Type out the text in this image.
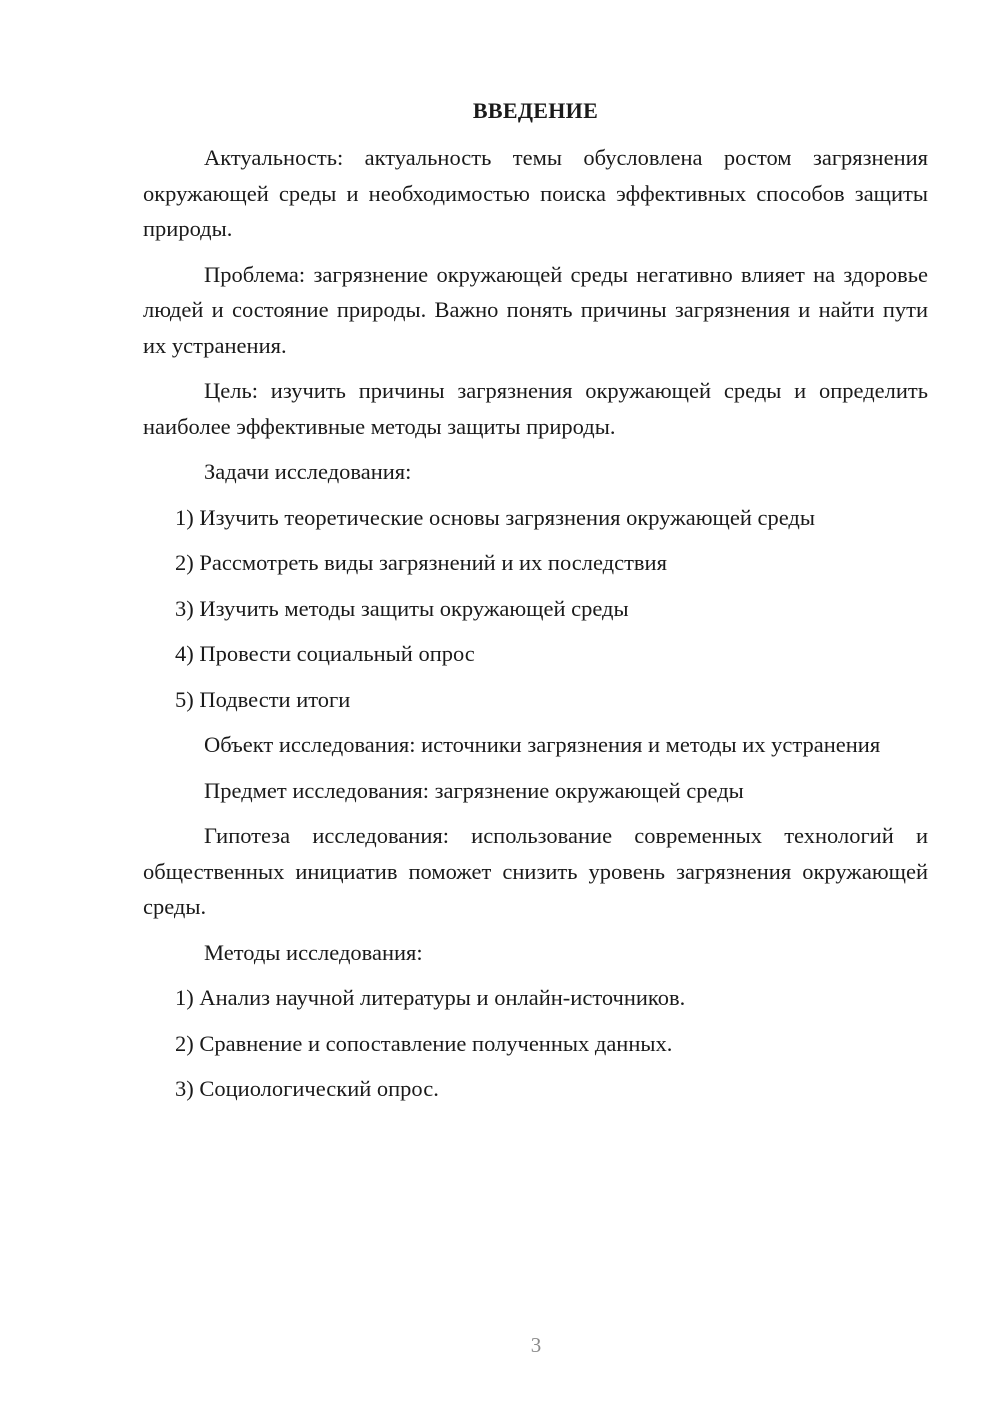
ВВЕДЕНИЕ

Актуальность: актуальность темы обусловлена ростом загрязнения окружающей среды и необходимостью поиска эффективных способов защиты природы.

Проблема: загрязнение окружающей среды негативно влияет на здоровье людей и состояние природы. Важно понять причины загрязнения и найти пути их устранения.

Цель: изучить причины загрязнения окружающей среды и определить наиболее эффективные методы защиты природы.

Задачи исследования:

1) Изучить теоретические основы загрязнения окружающей среды
2) Рассмотреть виды загрязнений и их последствия
3) Изучить методы защиты окружающей среды
4) Провести социальный опрос
5) Подвести итоги

Объект исследования: источники загрязнения и методы их устранения

Предмет исследования: загрязнение окружающей среды

Гипотеза исследования: использование современных технологий и общественных инициатив поможет снизить уровень загрязнения окружающей среды.

Методы исследования:

1) Анализ научной литературы и онлайн-источников.
2) Сравнение и сопоставление полученных данных.
3) Социологический опрос.
3
